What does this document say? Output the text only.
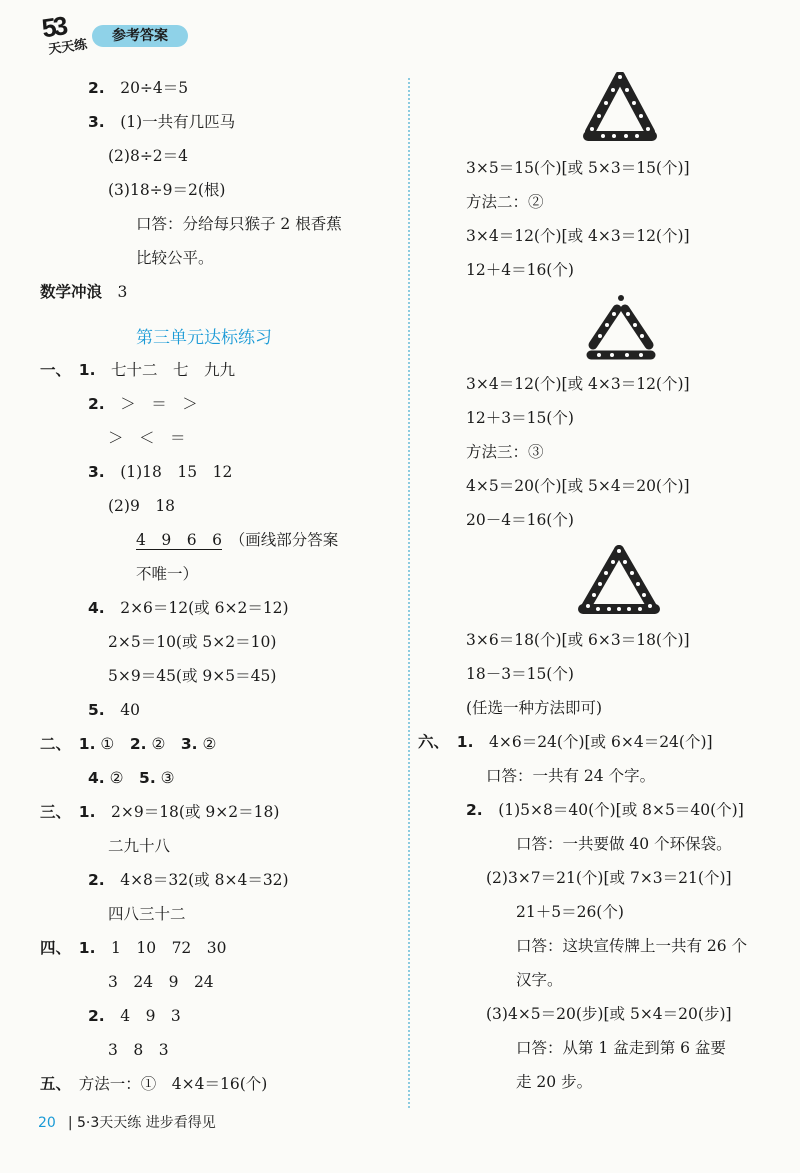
53
天天练
参考答案
2.　 20÷4＝5
3.　 (1)一共有几匹马
(2)8÷2＝4
(3)18÷9＝2(根)
口答：分给每只猴子 2 根香蕉
比较公平。
数学冲浪　 3
第三单元达标练习
一、　 1.　 七十二　七　九九
2.　 ＞　＝　＞
＞　＜　＝
3.　 (1)18　15　12
(2)9　18
4　9　6　6　 （画线部分答案
不唯一）
4.　 2×6＝12(或 6×2＝12)
2×5＝10(或 5×2＝10)
5×9＝45(或 9×5＝45)
5.　 40
二、　 1. ①　 2. ②　 3. ②
4. ②　 5. ③
三、　 1.　 2×9＝18(或 9×2＝18)
二九十八
2.　 4×8＝32(或 8×4＝32)
四八三十二
四、　 1.　 1　10　72　30
3　24　9　24
2.　 4　9　3
3　8　3
五、　 方法一：①　4×4＝16(个)
3×5＝15(个)[或 5×3＝15(个)]
方法二：②
3×4＝12(个)[或 4×3＝12(个)]
12＋4＝16(个)
3×4＝12(个)[或 4×3＝12(个)]
12＋3＝15(个)
方法三：③
4×5＝20(个)[或 5×4＝20(个)]
20－4＝16(个)
3×6＝18(个)[或 6×3＝18(个)]
18－3＝15(个)
(任选一种方法即可)
六、　 1.　 4×6＝24(个)[或 6×4＝24(个)]
口答：一共有 24 个字。
2.　 (1)5×8＝40(个)[或 8×5＝40(个)]
口答：一共要做 40 个环保袋。
(2)3×7＝21(个)[或 7×3＝21(个)]
21＋5＝26(个)
口答：这块宣传牌上一共有 26 个
汉字。
(3)4×5＝20(步)[或 5×4＝20(步)]
口答：从第 1 盆走到第 6 盆要
走 20 步。
20 | 5·3天天练 进步看得见
